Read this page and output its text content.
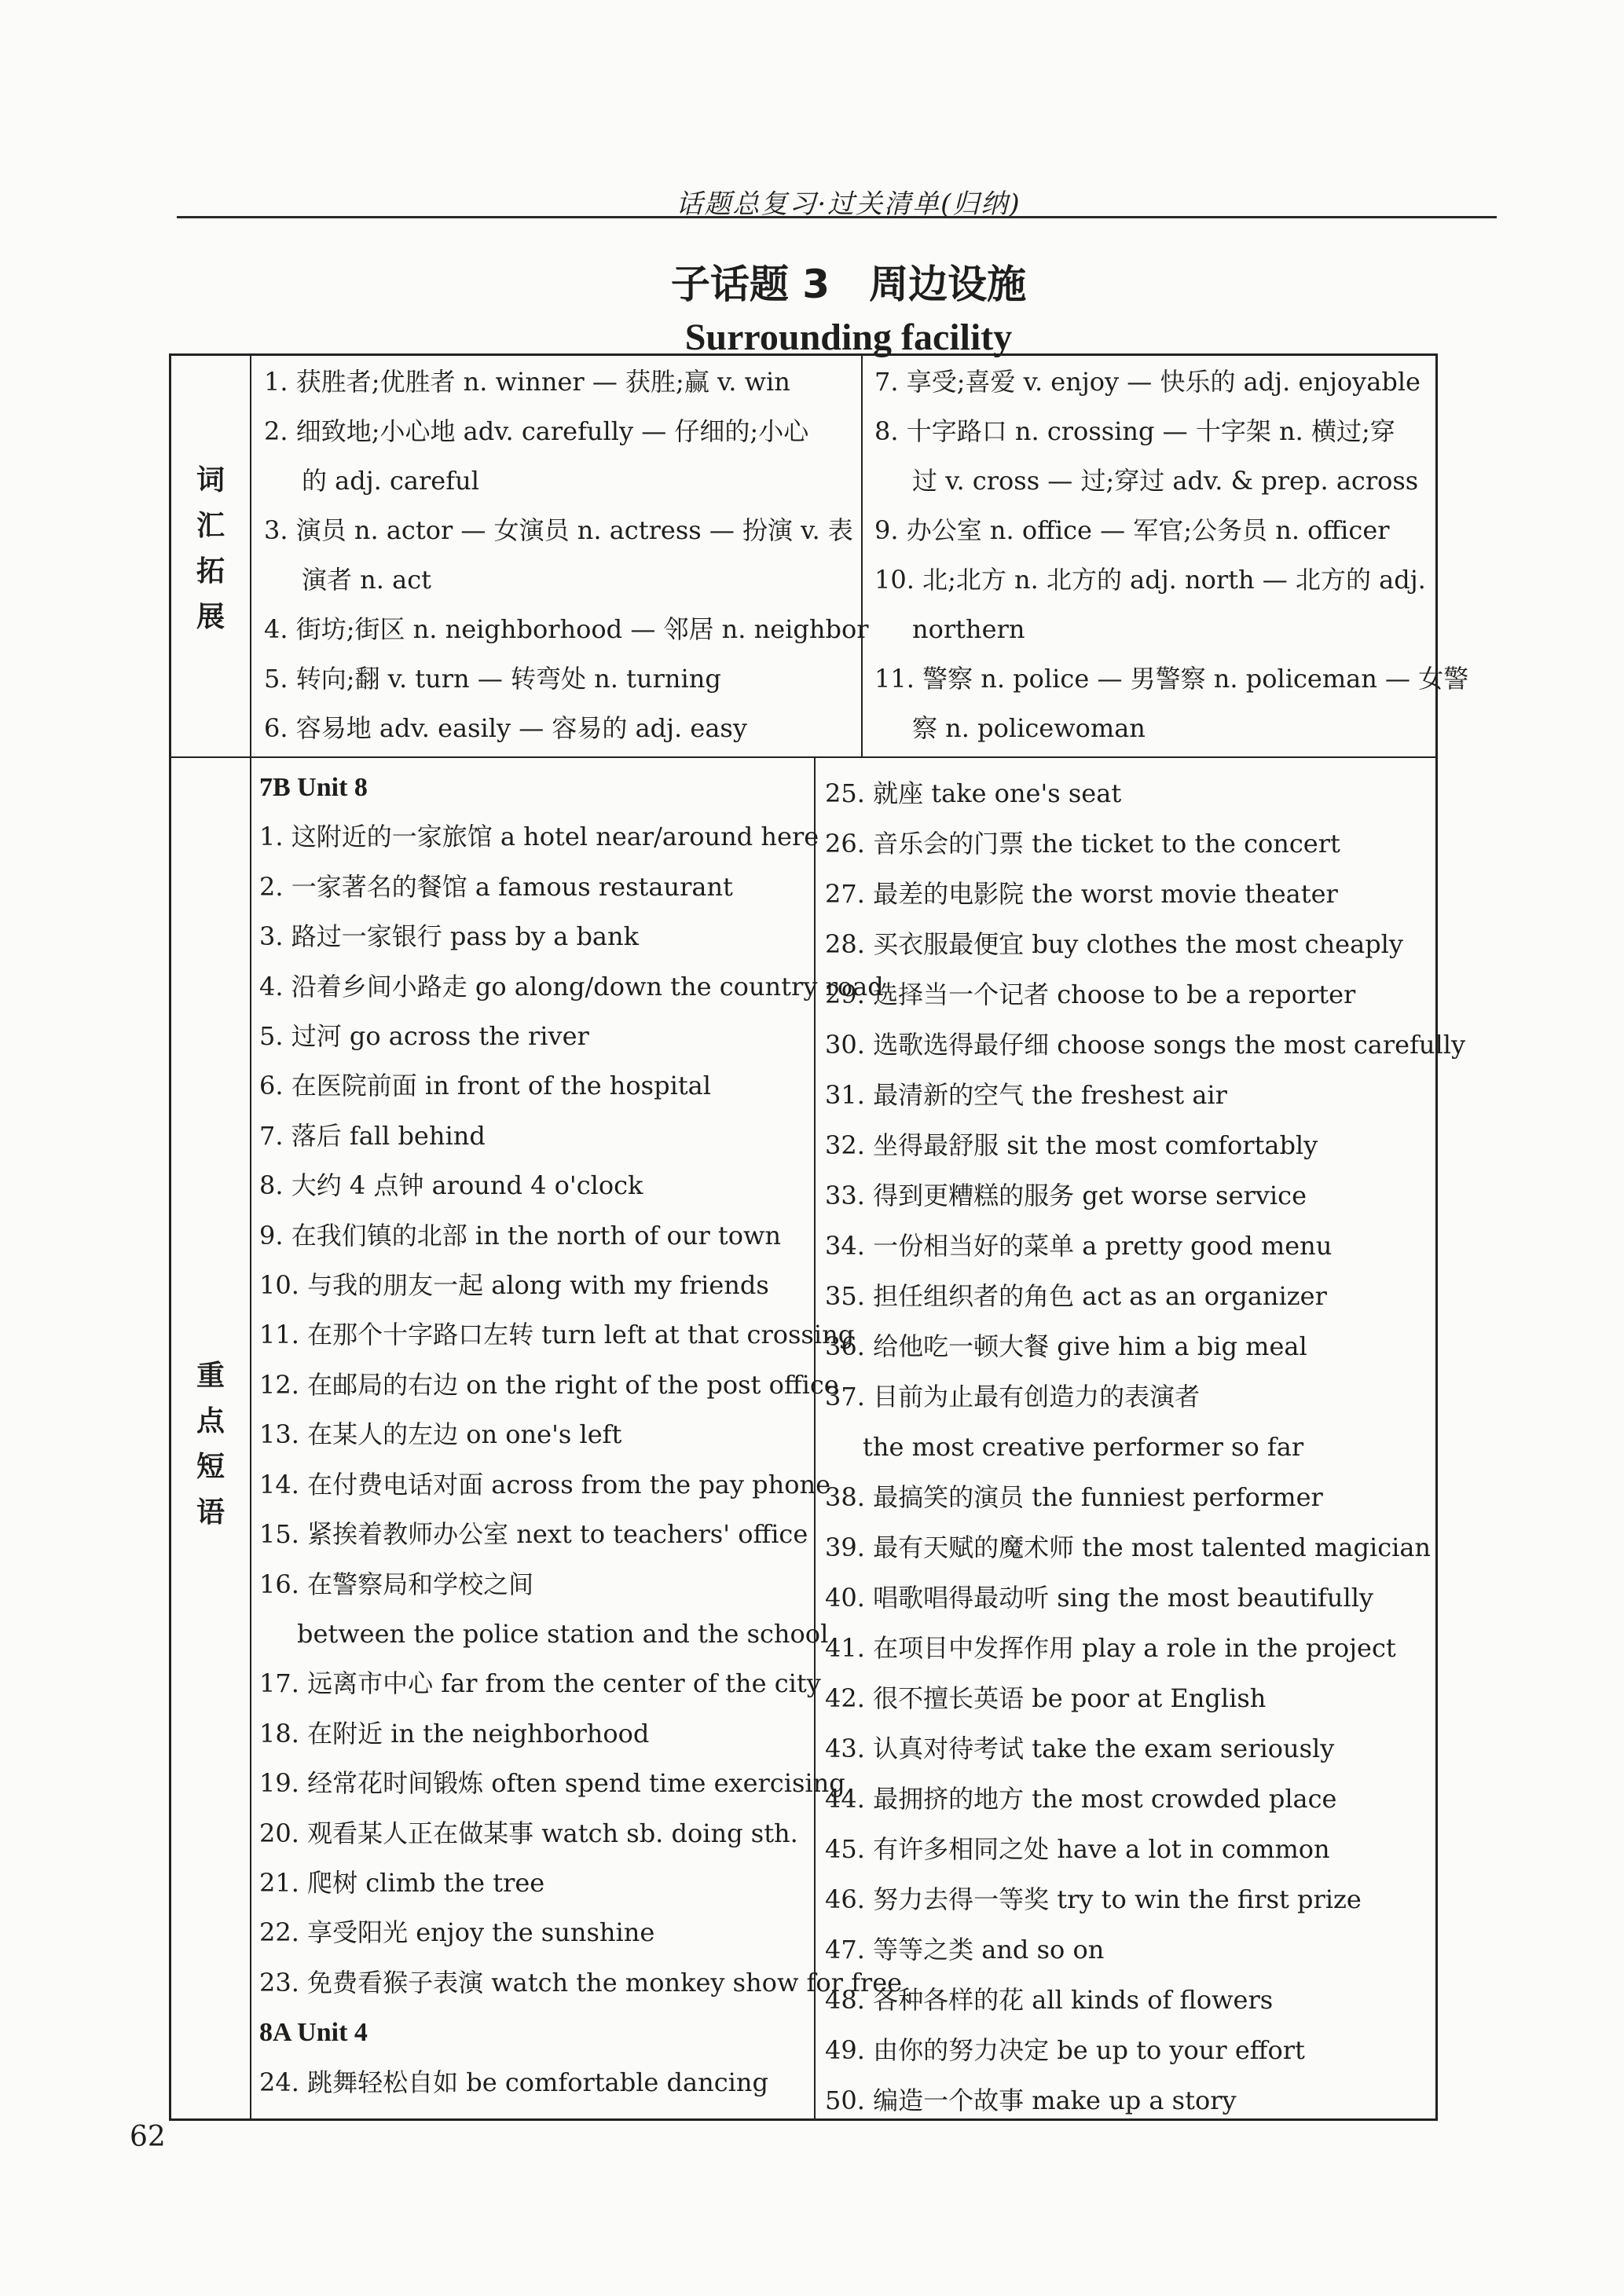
话题总复习·过关清单(归纳)
子话题 3　周边设施
Surrounding facility
词
汇
拓
展
1. 获胜者;优胜者 n. winner — 获胜;赢 v. win
2. 细致地;小心地 adv. carefully — 仔细的;小心
的 adj. careful
3. 演员 n. actor — 女演员 n. actress — 扮演 v. 表
演者 n. act
4. 街坊;街区 n. neighborhood — 邻居 n. neighbor
5. 转向;翻 v. turn — 转弯处 n. turning
6. 容易地 adv. easily — 容易的 adj. easy
7. 享受;喜爱 v. enjoy — 快乐的 adj. enjoyable
8. 十字路口 n. crossing — 十字架 n. 横过;穿
过 v. cross — 过;穿过 adv. & prep. across
9. 办公室 n. office — 军官;公务员 n. officer
10. 北;北方 n. 北方的 adj. north — 北方的 adj.
northern
11. 警察 n. police — 男警察 n. policeman — 女警
察 n. policewoman
重
点
短
语
7B Unit 8
1. 这附近的一家旅馆 a hotel near/around here
2. 一家著名的餐馆 a famous restaurant
3. 路过一家银行 pass by a bank
4. 沿着乡间小路走 go along/down the country road
5. 过河 go across the river
6. 在医院前面 in front of the hospital
7. 落后 fall behind
8. 大约 4 点钟 around 4 o'clock
9. 在我们镇的北部 in the north of our town
10. 与我的朋友一起 along with my friends
11. 在那个十字路口左转 turn left at that crossing
12. 在邮局的右边 on the right of the post office
13. 在某人的左边 on one's left
14. 在付费电话对面 across from the pay phone
15. 紧挨着教师办公室 next to teachers' office
16. 在警察局和学校之间
between the police station and the school
17. 远离市中心 far from the center of the city
18. 在附近 in the neighborhood
19. 经常花时间锻炼 often spend time exercising
20. 观看某人正在做某事 watch sb. doing sth.
21. 爬树 climb the tree
22. 享受阳光 enjoy the sunshine
23. 免费看猴子表演 watch the monkey show for free
8A Unit 4
24. 跳舞轻松自如 be comfortable dancing
25. 就座 take one's seat
26. 音乐会的门票 the ticket to the concert
27. 最差的电影院 the worst movie theater
28. 买衣服最便宜 buy clothes the most cheaply
29. 选择当一个记者 choose to be a reporter
30. 选歌选得最仔细 choose songs the most carefully
31. 最清新的空气 the freshest air
32. 坐得最舒服 sit the most comfortably
33. 得到更糟糕的服务 get worse service
34. 一份相当好的菜单 a pretty good menu
35. 担任组织者的角色 act as an organizer
36. 给他吃一顿大餐 give him a big meal
37. 目前为止最有创造力的表演者
the most creative performer so far
38. 最搞笑的演员 the funniest performer
39. 最有天赋的魔术师 the most talented magician
40. 唱歌唱得最动听 sing the most beautifully
41. 在项目中发挥作用 play a role in the project
42. 很不擅长英语 be poor at English
43. 认真对待考试 take the exam seriously
44. 最拥挤的地方 the most crowded place
45. 有许多相同之处 have a lot in common
46. 努力去得一等奖 try to win the first prize
47. 等等之类 and so on
48. 各种各样的花 all kinds of flowers
49. 由你的努力决定 be up to your effort
50. 编造一个故事 make up a story
62
